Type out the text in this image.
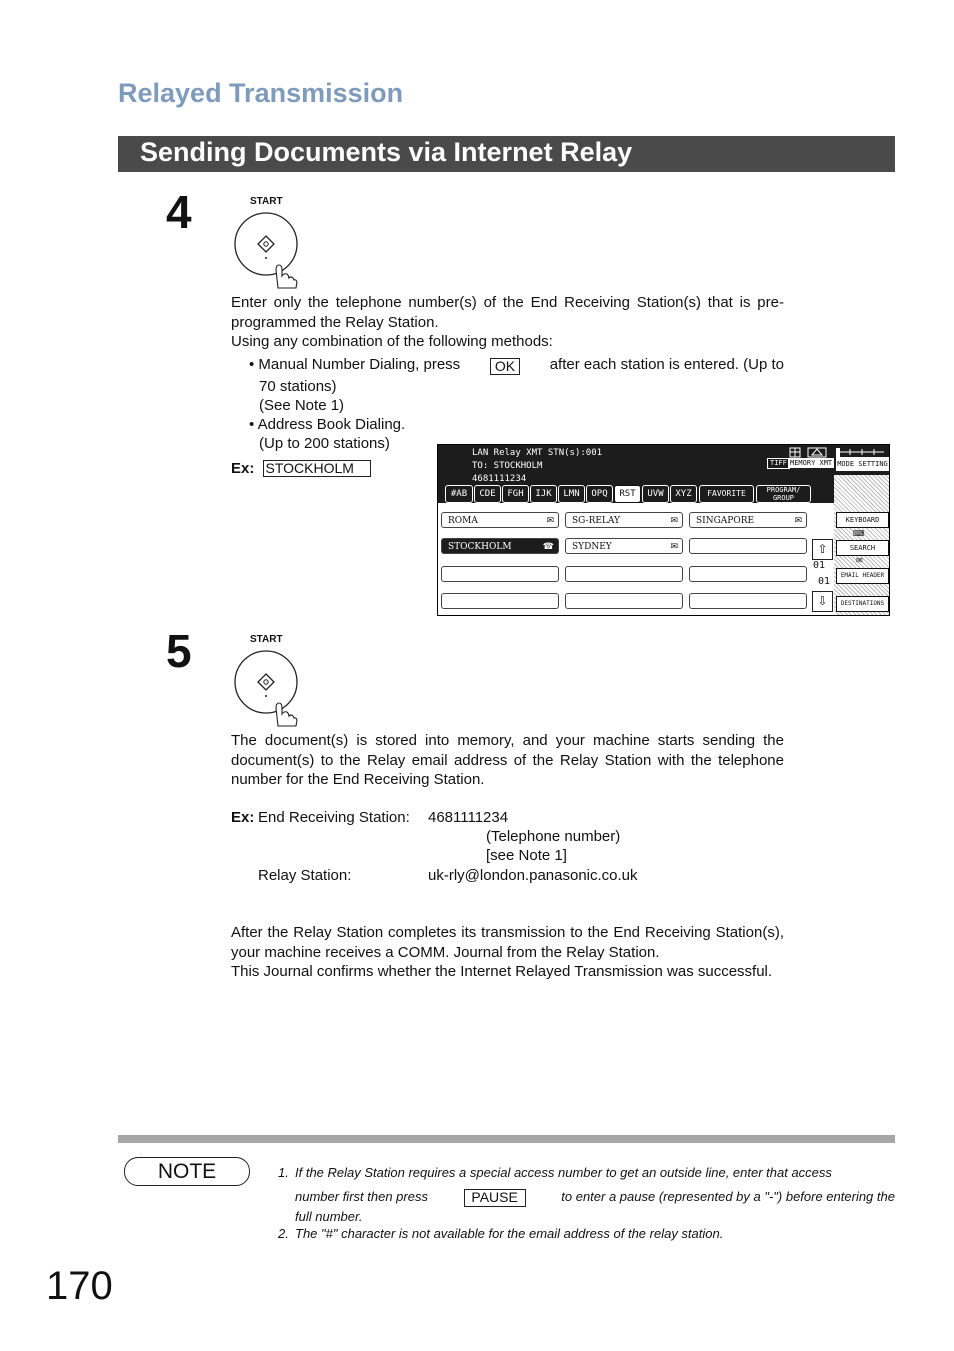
Relayed Transmission
Sending Documents via Internet Relay
4	START
Enter only the telephone number(s) of the End Receiving Station(s) that is pre-programmed the Relay Station.
Using any combination of the following methods:
• Manual Number Dialing, press	OK	after each station is entered. (Up to
70 stations)
(See Note 1)
• Address Book Dialing.
(Up to 200 stations)
Ex: STOCKHOLM
LAN Relay XMT STN(s):001
TO: STOCKHOLM
4681111234
TIFF MEMORY XMT MODE SETTING
#AB	CDE	FGH	IJK	LMN	OPQ	RST	UVW	XYZ	FAVORITE	PROGRAM/ GROUP
ROMA	✉	SG-RELAY	✉	SINGAPORE	✉
STOCKHOLM	☎	SYDNEY	✉	⇧
01
01
⇩
KEYBOARD
⌨
SEARCH
✉
EMAIL HEADER
DESTINATIONS
5	START
The document(s) is stored into memory, and your machine starts sending the document(s) to the Relay email address of the Relay Station with the telephone number for the End Receiving Station.
Ex: End Receiving Station: 4681111234
(Telephone number)
[see Note 1]
Relay Station:	uk-rly@london.panasonic.co.uk
After the Relay Station completes its transmission to the End Receiving Station(s), your machine receives a COMM. Journal from the Relay Station.
This Journal confirms whether the Internet Relayed Transmission was successful.
NOTE	1. If the Relay Station requires a special access number to get an outside line, enter that access
number first then press	PAUSE	to enter a pause (represented by a "-") before entering the
full number.
2. The "#" character is not available for the email address of the relay station.
170
